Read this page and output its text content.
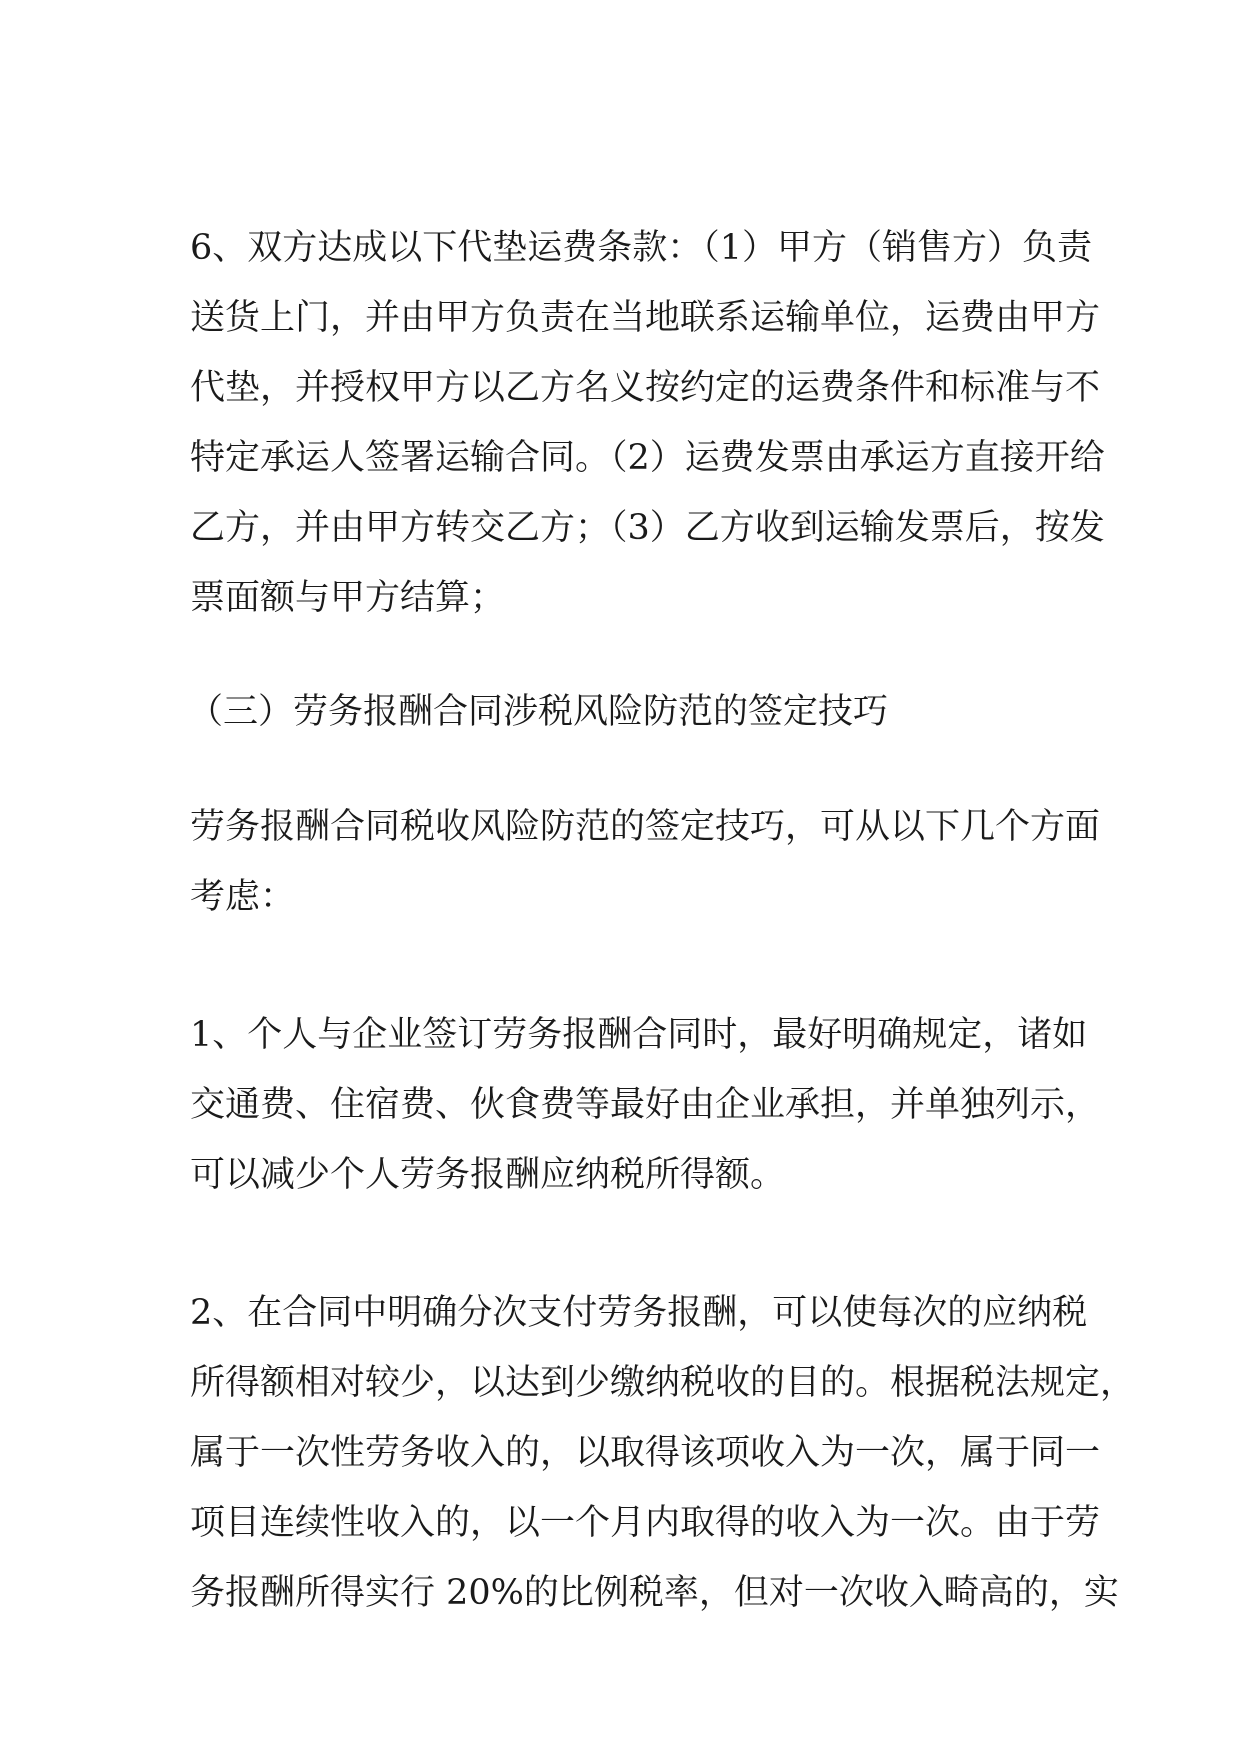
6、双方达成以下代垫运费条款：（1）甲方（销售方）负责

送货上门，并由甲方负责在当地联系运输单位，运费由甲方

代垫，并授权甲方以乙方名义按约定的运费条件和标准与不

特定承运人签署运输合同。（2）运费发票由承运方直接开给

乙方，并由甲方转交乙方；（3）乙方收到运输发票后，按发

票面额与甲方结算；

（三）劳务报酬合同涉税风险防范的签定技巧

劳务报酬合同税收风险防范的签定技巧，可从以下几个方面

考虑：

1、个人与企业签订劳务报酬合同时，最好明确规定，诸如

交通费、住宿费、伙食费等最好由企业承担，并单独列示，

可以减少个人劳务报酬应纳税所得额。

2、在合同中明确分次支付劳务报酬，可以使每次的应纳税

所得额相对较少，以达到少缴纳税收的目的。根据税法规定，

属于一次性劳务收入的，以取得该项收入为一次，属于同一

项目连续性收入的，以一个月内取得的收入为一次。由于劳

务报酬所得实行 20%的比例税率，但对一次收入畸高的，实
